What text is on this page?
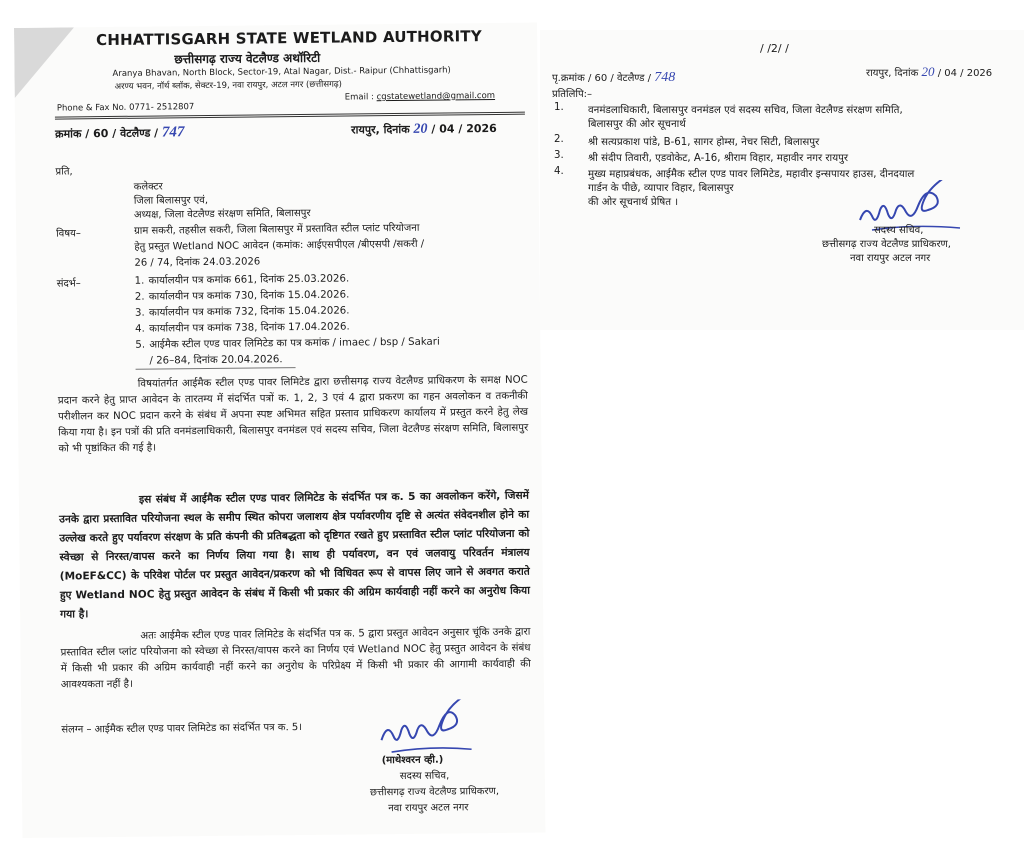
CHHATTISGARH STATE WETLAND AUTHORITY
छत्तीसगढ़ राज्य वेटलैण्ड अथॉरिटी
Aranya Bhavan, North Block, Sector-19, Atal Nagar, Dist.- Raipur (Chhattisgarh)
अरण्य भवन, नॉर्थ ब्लॉक, सेक्टर-19, नवा रायपुर, अटल नगर (छत्तीसगढ़)
Phone & Fax No. 0771- 2512807
Email : cgstatewetland@gmail.com
क्रमांक / 60 / वेटलैण्ड / 747	रायपुर, दिनांक 20 / 04 / 2026
प्रति,
कलेक्टर
जिला बिलासपुर एवं,
अध्यक्ष, जिला वेटलैण्ड संरक्षण समिति, बिलासपुर
विषय–	ग्राम सकरी, तहसील सकरी, जिला बिलासपुर में प्रस्तावित स्टील प्लांट परियोजना
हेतु प्रस्तुत Wetland NOC आवेदन (कमांक: आईएसपीएल /बीएसपी /सकरी /
26 / 74, दिनांक 24.03.2026
संदर्भ–	1. कार्यालयीन पत्र कमांक 661, दिनांक 25.03.2026.
2. कार्यालयीन पत्र कमांक 730, दिनांक 15.04.2026.
3. कार्यालयीन पत्र कमांक 732, दिनांक 15.04.2026.
4. कार्यालयीन पत्र कमांक 738, दिनांक 17.04.2026.
5. आईमैक स्टील एण्ड पावर लिमिटेड का पत्र कमांक / imaec / bsp / Sakari
/ 26–84, दिनांक 20.04.2026.
विषयांतर्गत आईमैक स्टील एण्ड पावर लिमिटेड द्वारा छत्तीसगढ़ राज्य वेटलैण्ड प्राधिकरण के समक्ष NOC प्रदान करने हेतु प्राप्त आवेदन के तारतम्य में संदर्भित पत्रों क. 1, 2, 3 एवं 4 द्वारा प्रकरण का गहन अवलोकन व तकनीकी परीशीलन कर NOC प्रदान करने के संबंध में अपना स्पष्ट अभिमत सहित प्रस्ताव प्राधिकरण कार्यालय में प्रस्तुत करने हेतु लेख किया गया है। इन पत्रों की प्रति वनमंडलाधिकारी, बिलासपुर वनमंडल एवं सदस्य सचिव, जिला वेटलैण्ड संरक्षण समिति, बिलासपुर को भी पृष्ठांकित की गई है।
इस संबंध में आईमैक स्टील एण्ड पावर लिमिटेड के संदर्भित पत्र क. 5 का अवलोकन करेंगे, जिसमें उनके द्वारा प्रस्तावित परियोजना स्थल के समीप स्थित कोपरा जलाशय क्षेत्र पर्यावरणीय दृष्टि से अत्यंत संवेदनशील होने का उल्लेख करते हुए पर्यावरण संरक्षण के प्रति कंपनी की प्रतिबद्धता को दृष्टिगत रखते हुए प्रस्तावित स्टील प्लांट परियोजना को स्वेच्छा से निरस्त/वापस करने का निर्णय लिया गया है। साथ ही पर्यावरण, वन एवं जलवायु परिवर्तन मंत्रालय (MoEF&CC) के परिवेश पोर्टल पर प्रस्तुत आवेदन/प्रकरण को भी विधिवत रूप से वापस लिए जाने से अवगत कराते हुए Wetland NOC हेतु प्रस्तुत आवेदन के संबंध में किसी भी प्रकार की अग्रिम कार्यवाही नहीं करने का अनुरोध किया गया है।
अतः आईमैक स्टील एण्ड पावर लिमिटेड के संदर्भित पत्र क. 5 द्वारा प्रस्तुत आवेदन अनुसार चूंकि उनके द्वारा प्रस्तावित स्टील प्लांट परियोजना को स्वेच्छा से निरस्त/वापस करने का निर्णय एवं Wetland NOC हेतु प्रस्तुत आवेदन के संबंध में किसी भी प्रकार की अग्रिम कार्यवाही नहीं करने का अनुरोध के परिप्रेक्ष्य में किसी भी प्रकार की आगामी कार्यवाही की आवश्यकता नहीं है।
संलग्न – आईमैक स्टील एण्ड पावर लिमिटेड का संदर्भित पत्र क. 5।
(माथेश्वरन व्ही.)
सदस्य सचिव,
छत्तीसगढ़ राज्य वेटलैण्ड प्राधिकरण,
नवा रायपुर अटल नगर
/ /2/ /
पृ.क्रमांक / 60 / वेटलैण्ड / 748	रायपुर, दिनांक 20 / 04 / 2026
प्रतिलिपि:–
1. वनमंडलाधिकारी, बिलासपुर वनमंडल एवं सदस्य सचिव, जिला वेटलैण्ड संरक्षण समिति,
बिलासपुर की ओर सूचनार्थ
2. श्री सत्यप्रकाश पांडे, B-61, सागर होम्स, नेचर सिटी, बिलासपुर
3. श्री संदीप तिवारी, एडवोकेट, A-16, श्रीराम विहार, महावीर नगर रायपुर
4. मुख्य महाप्रबंधक, आईमैक स्टील एण्ड पावर लिमिटेड, महावीर इन्सपायर हाउस, दीनदयाल
गार्डन के पीछे, व्यापार विहार, बिलासपुर
की ओर सूचनार्थ प्रेषित ।
सदस्य सचिव,
छत्तीसगढ़ राज्य वेटलैण्ड प्राधिकरण,
नवा रायपुर अटल नगर
